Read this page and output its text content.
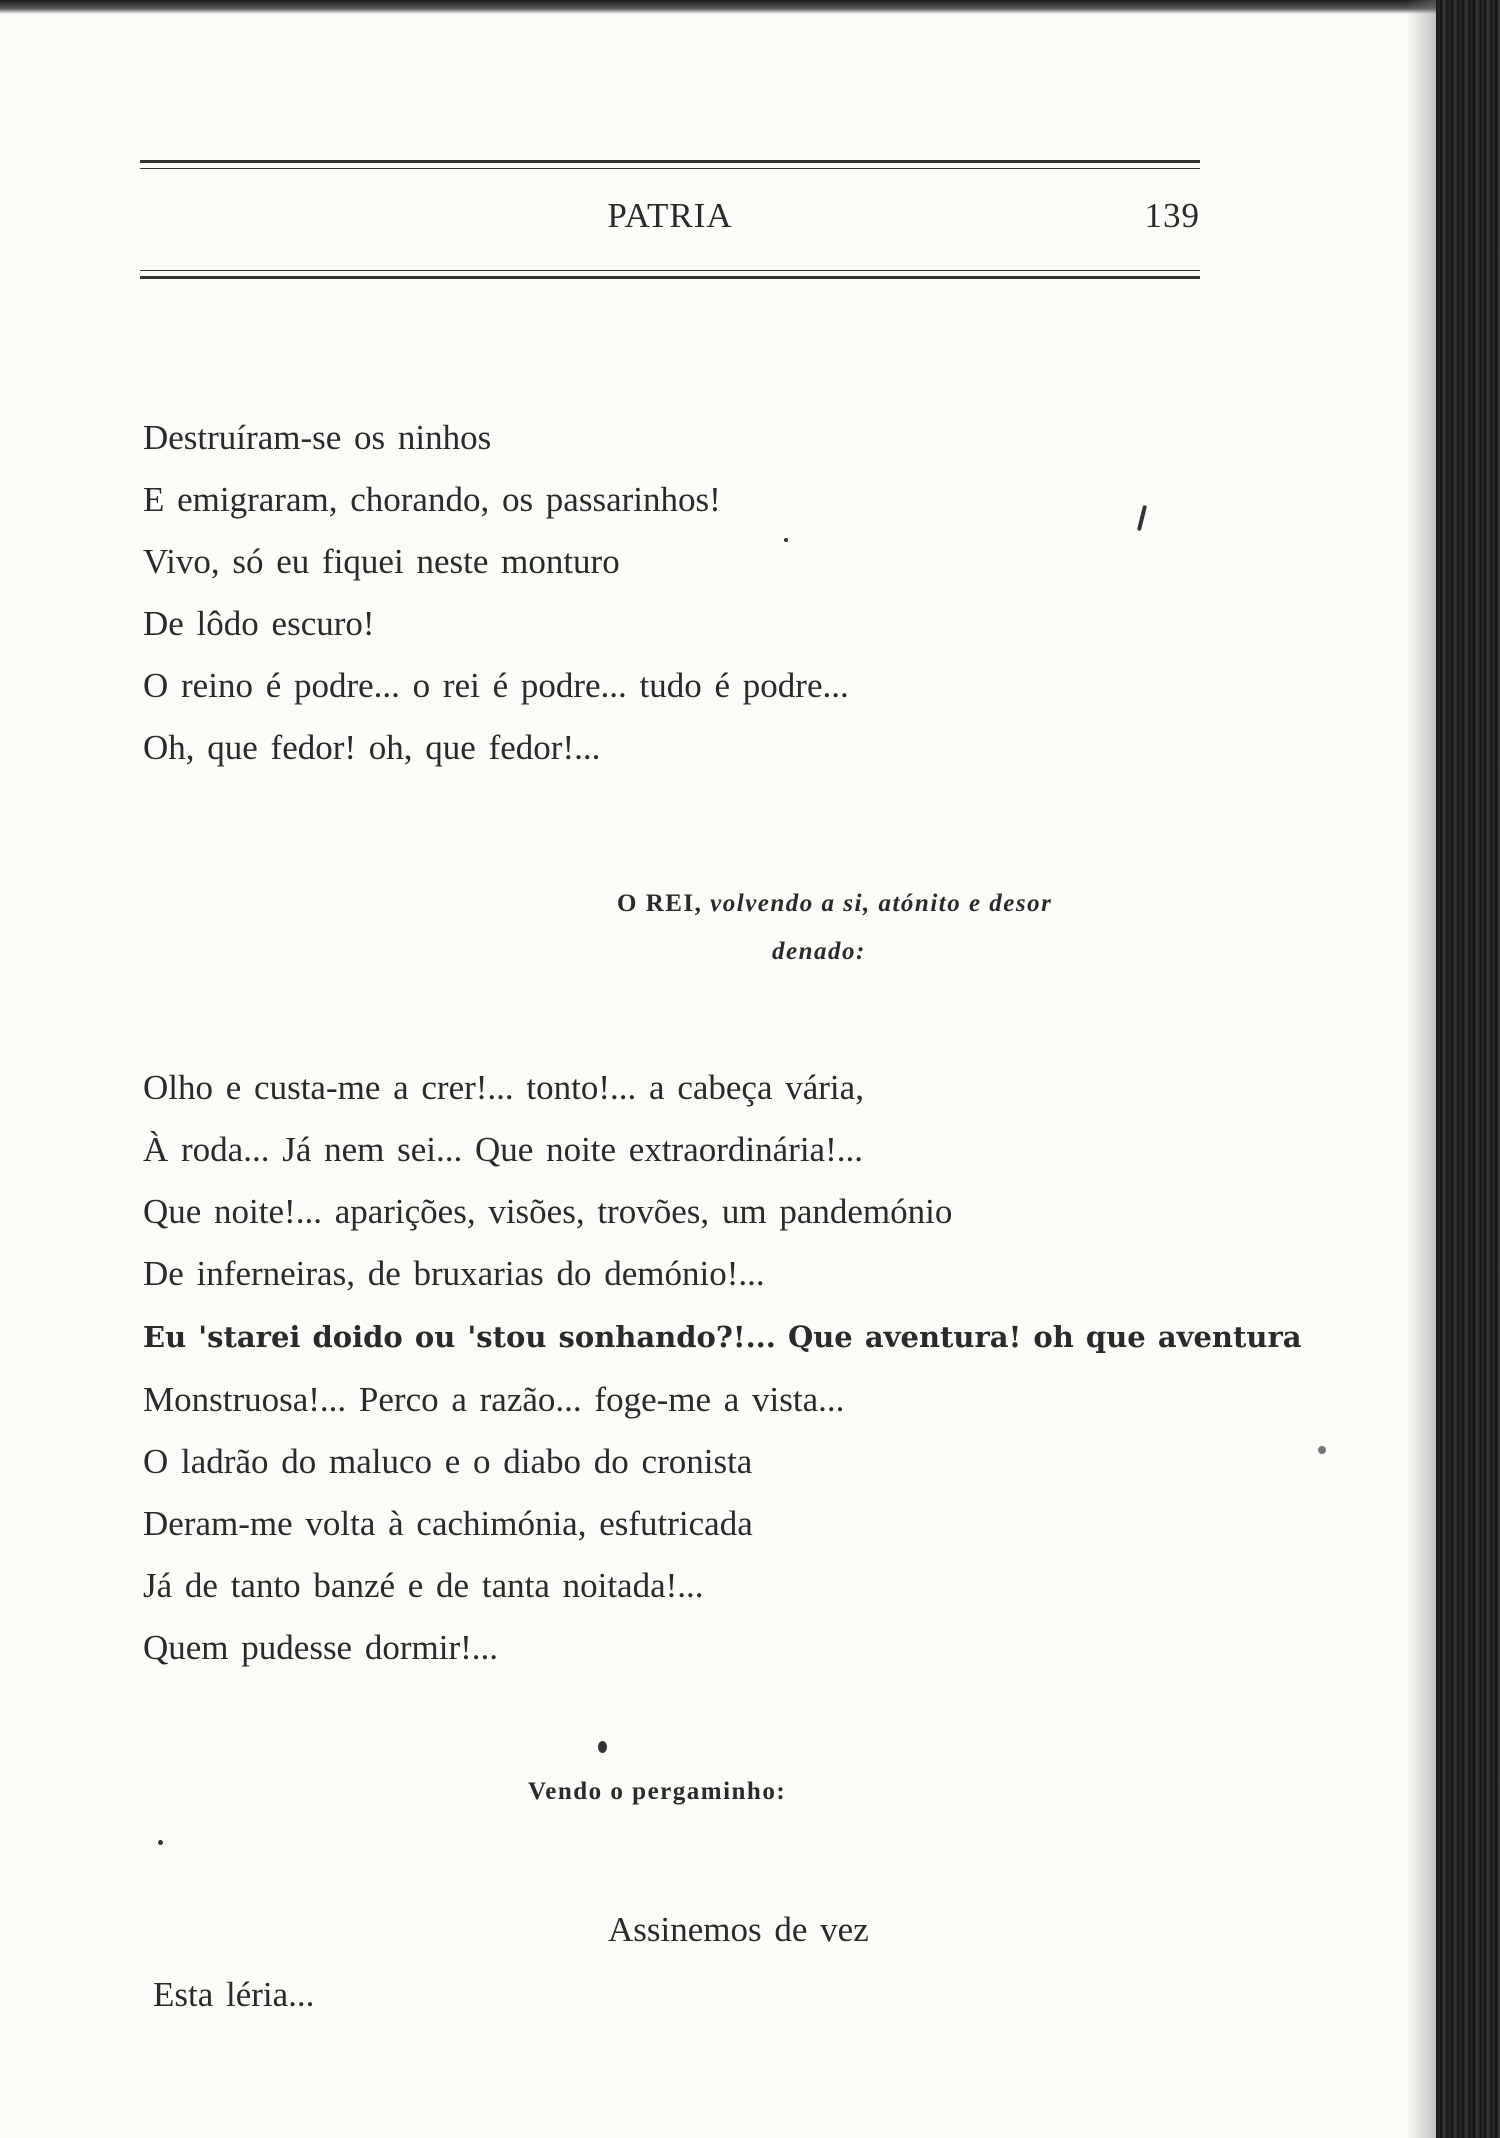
PATRIA	139
Destruíram-se os ninhos
E emigraram, chorando, os passarinhos!
Vivo, só eu fiquei neste monturo
De lôdo escuro!
O reino é podre... o rei é podre... tudo é podre...
Oh, que fedor! oh, que fedor!...
O REI, volvendo a si, atónito e desor
denado:
Olho e custa-me a crer!... tonto!... a cabeça vária,
À roda... Já nem sei... Que noite extraordinária!...
Que noite!... aparições, visões, trovões, um pandemónio
De inferneiras, de bruxarias do demónio!...
Eu 'starei doido ou 'stou sonhando?!... Que aventura! oh que aventura
Monstruosa!... Perco a razão... foge-me a vista...
O ladrão do maluco e o diabo do cronista
Deram-me volta à cachimónia, esfutricada
Já de tanto banzé e de tanta noitada!...
Quem pudesse dormir!...
Vendo o pergaminho:
Assinemos de vez
Esta léria...
